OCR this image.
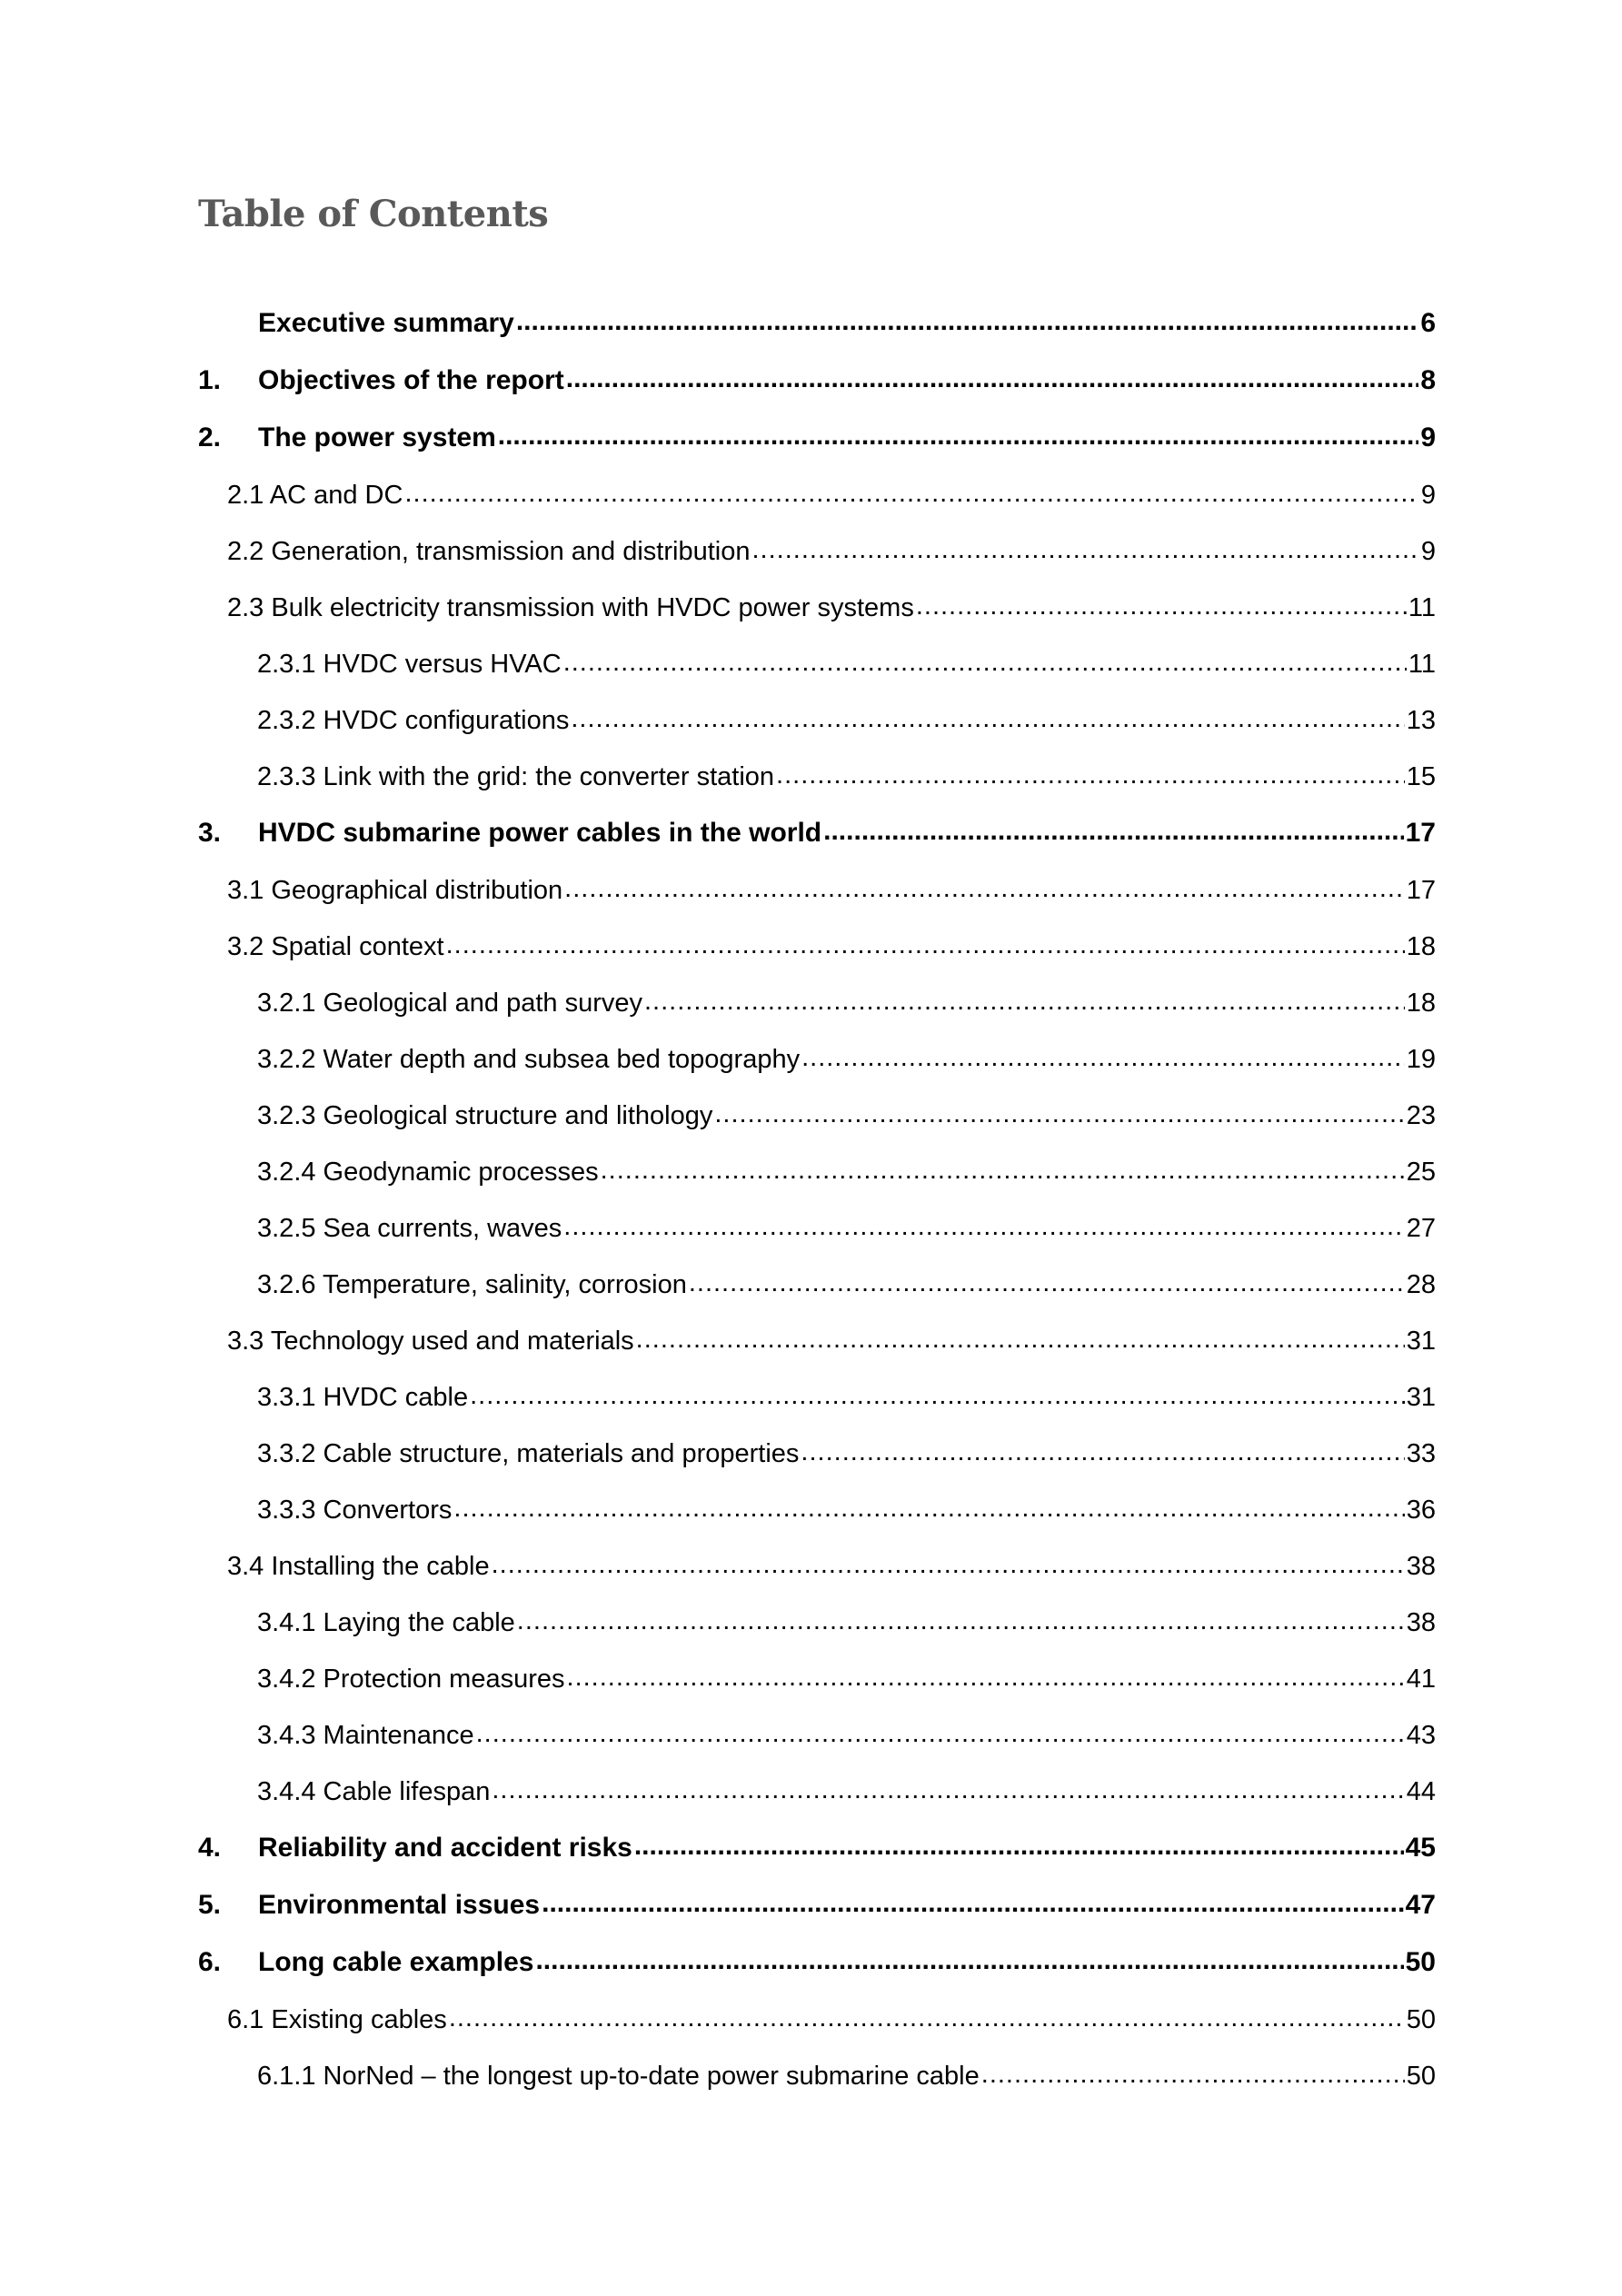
Table of Contents
Executive summary .....	6
1.	Objectives of the report .....	8
2.	The power system .....	9
2.1 AC and DC .....	9
2.2 Generation, transmission and distribution .....	9
2.3 Bulk electricity transmission with HVDC power systems .....	11
2.3.1 HVDC versus HVAC .....	11
2.3.2 HVDC configurations .....	13
2.3.3 Link with the grid: the converter station .....	15
3.	HVDC submarine power cables in the world .....	17
3.1 Geographical distribution .....	17
3.2 Spatial context .....	18
3.2.1 Geological and path survey .....	18
3.2.2 Water depth and subsea bed topography .....	19
3.2.3 Geological structure and lithology .....	23
3.2.4 Geodynamic processes .....	25
3.2.5 Sea currents, waves .....	27
3.2.6 Temperature, salinity, corrosion .....	28
3.3 Technology used and materials .....	31
3.3.1 HVDC cable .....	31
3.3.2 Cable structure, materials and properties .....	33
3.3.3 Convertors .....	36
3.4 Installing the cable .....	38
3.4.1 Laying the cable .....	38
3.4.2 Protection measures .....	41
3.4.3 Maintenance .....	43
3.4.4 Cable lifespan .....	44
4.	Reliability and accident risks .....	45
5.	Environmental issues .....	47
6.	Long cable examples .....	50
6.1 Existing cables .....	50
6.1.1 NorNed – the longest up-to-date power submarine cable .....	50
